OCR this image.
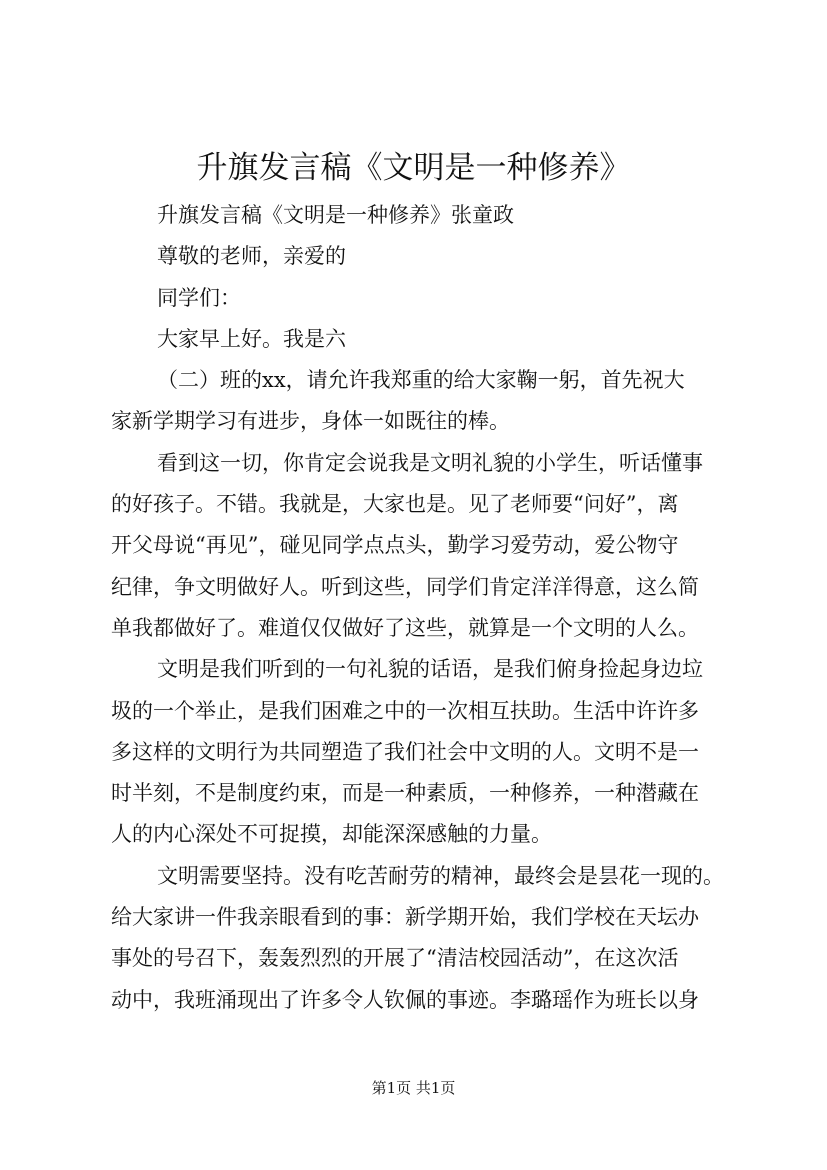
升旗发言稿《文明是一种修养》
升旗发言稿《文明是一种修养》张童政
尊敬的老师，亲爱的
同学们：
大家早上好。我是六
（二）班的xx，请允许我郑重的给大家鞠一躬，首先祝大
家新学期学习有进步，身体一如既往的棒。
看到这一切，你肯定会说我是文明礼貌的小学生，听话懂事
的好孩子。不错。我就是，大家也是。见了老师要“问好”，离
开父母说“再见”，碰见同学点点头，勤学习爱劳动，爱公物守
纪律，争文明做好人。听到这些，同学们肯定洋洋得意，这么简
单我都做好了。难道仅仅做好了这些，就算是一个文明的人么。
文明是我们听到的一句礼貌的话语，是我们俯身捡起身边垃
圾的一个举止，是我们困难之中的一次相互扶助。生活中许许多
多这样的文明行为共同塑造了我们社会中文明的人。文明不是一
时半刻，不是制度约束，而是一种素质，一种修养，一种潜藏在
人的内心深处不可捉摸，却能深深感触的力量。
文明需要坚持。没有吃苦耐劳的精神，最终会是昙花一现的。
给大家讲一件我亲眼看到的事：新学期开始，我们学校在天坛办
事处的号召下，轰轰烈烈的开展了“清洁校园活动”，在这次活
动中，我班涌现出了许多令人钦佩的事迹。李璐瑶作为班长以身
第1页 共1页
